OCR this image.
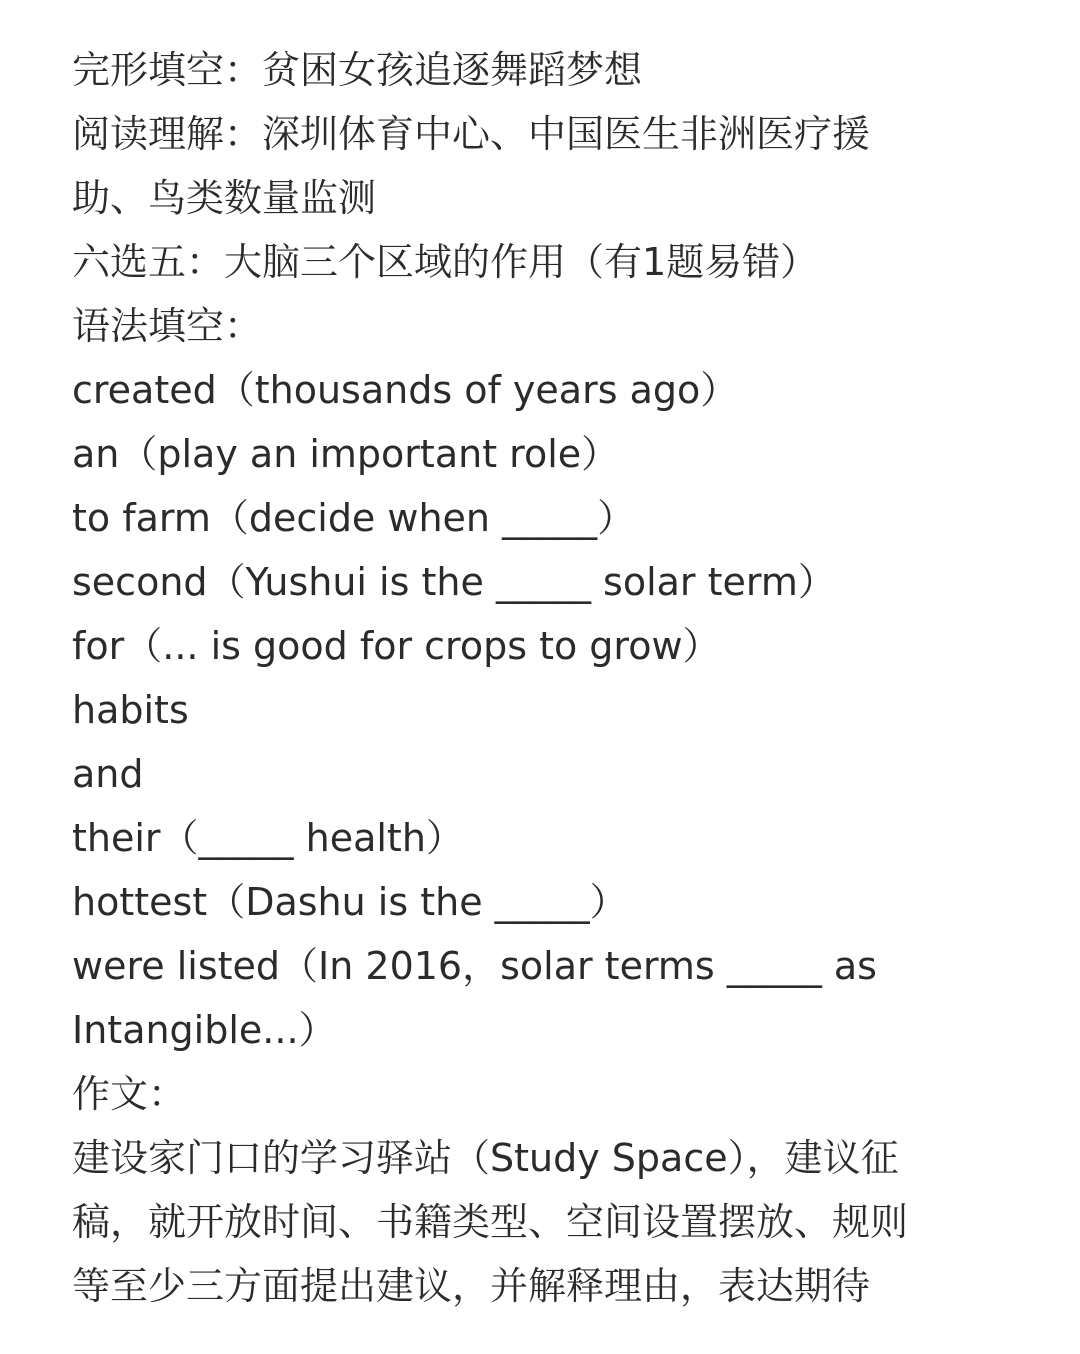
完形填空：贫困女孩追逐舞蹈梦想
阅读理解：深圳体育中心、中国医生非洲医疗援
助、鸟类数量监测
六选五：大脑三个区域的作用（有1题易错）
语法填空：
created（thousands of years ago）
an（play an important role）
to farm（decide when _____）
second（Yushui is the _____ solar term）
for（... is good for crops to grow）
habits
and
their（_____ health）
hottest（Dashu is the _____）
were listed（In 2016，solar terms _____ as
Intangible...）
作文：
建设家门口的学习驿站（Study Space），建议征
稿，就开放时间、书籍类型、空间设置摆放、规则
等至少三方面提出建议，并解释理由，表达期待
